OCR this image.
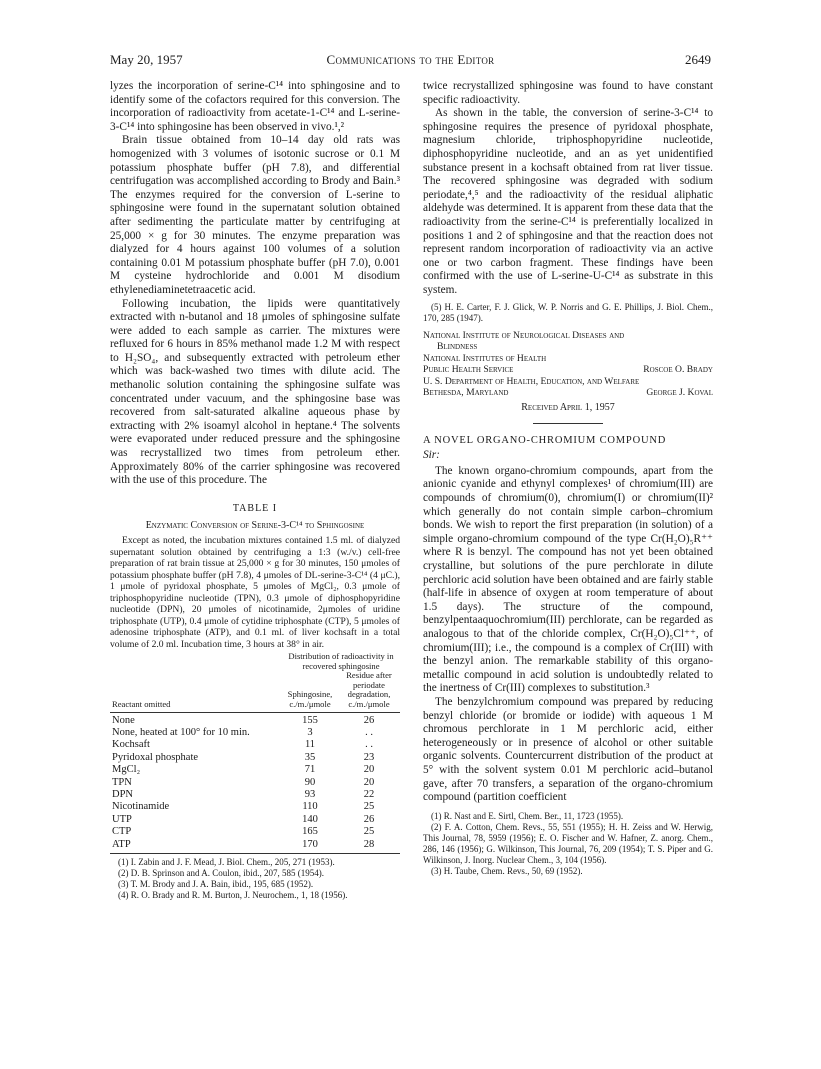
May 20, 1957	Communications to the Editor	2649

lyzes the incorporation of serine-C¹⁴ into sphingosine and to identify some of the cofactors required for this conversion. The incorporation of radioactivity from acetate-1-C¹⁴ and L-serine-3-C¹⁴ into sphingosine has been observed in vivo.¹,²

Brain tissue obtained from 10–14 day old rats was homogenized with 3 volumes of isotonic sucrose or 0.1 M potassium phosphate buffer (pH 7.8), and differential centrifugation was accomplished according to Brody and Bain.³ The enzymes required for the conversion of L-serine to sphingosine were found in the supernatant solution obtained after sedimenting the particulate matter by centrifuging at 25,000 × g for 30 minutes. The enzyme preparation was dialyzed for 4 hours against 100 volumes of a solution containing 0.01 M potassium phosphate buffer (pH 7.0), 0.001 M cysteine hydrochloride and 0.001 M disodium ethylenediaminetetraacetic acid.

Following incubation, the lipids were quantitatively extracted with n-butanol and 18 μmoles of sphingosine sulfate were added to each sample as carrier. The mixtures were refluxed for 6 hours in 85% methanol made 1.2 M with respect to H₂SO₄, and subsequently extracted with petroleum ether which was back-washed two times with dilute acid. The methanolic solution containing the sphingosine sulfate was concentrated under vacuum, and the sphingosine base was recovered from salt-saturated alkaline aqueous phase by extracting with 2% isoamyl alcohol in heptane.⁴ The solvents were evaporated under reduced pressure and the sphingosine was recrystallized two times from petroleum ether. Approximately 80% of the carrier sphingosine was recovered with the use of this procedure. The

TABLE I
Enzymatic Conversion of Serine-3-C¹⁴ to Sphingosine
Except as noted, the incubation mixtures contained 1.5 ml. of dialyzed supernatant solution obtained by centrifuging a 1:3 (w./v.) cell-free preparation of rat brain tissue at 25,000 × g for 30 minutes, 150 μmoles of potassium phosphate buffer (pH 7.8), 4 μmoles of DL-serine-3-C¹⁴ (4 μC.), 1 μmole of pyridoxal phosphate, 5 μmoles of MgCl₂, 0.3 μmole of triphosphopyridine nucleotide (TPN), 0.3 μmole of diphosphopyridine nucleotide (DPN), 20 μmoles of nicotinamide, 2μmoles of uridine triphosphate (UTP), 0.4 μmole of cytidine triphosphate (CTP), 5 μmoles of adenosine triphosphate (ATP), and 0.1 ml. of liver kochsaft in a total volume of 2.0 ml. Incubation time, 3 hours at 38° in air.
	Distribution of radioactivity in recovered sphingosine	
Reactant omitted	Sphingosine, c./m./μmole	Residue after periodate degradation, c./m./μmole
None	155	26
None, heated at 100° for 10 min.	3	. .
Kochsaft	11	. .
Pyridoxal phosphate	35	23
MgCl₂	71	20
TPN	90	20
DPN	93	22
Nicotinamide	110	25
UTP	140	26
CTP	165	25
ATP	170	28
(1) I. Zabin and J. F. Mead, J. Biol. Chem., 205, 271 (1953).
(2) D. B. Sprinson and A. Coulon, ibid., 207, 585 (1954).
(3) T. M. Brody and J. A. Bain, ibid., 195, 685 (1952).
(4) R. O. Brady and R. M. Burton, J. Neurochem., 1, 18 (1956).

twice recrystallized sphingosine was found to have constant specific radioactivity.

As shown in the table, the conversion of serine-3-C¹⁴ to sphingosine requires the presence of pyridoxal phosphate, magnesium chloride, triphosphopyridine nucleotide, diphosphopyridine nucleotide, and an as yet unidentified substance present in a kochsaft obtained from rat liver tissue. The recovered sphingosine was degraded with sodium periodate,⁴,⁵ and the radioactivity of the residual aliphatic aldehyde was determined. It is apparent from these data that the radioactivity from the serine-C¹⁴ is preferentially localized in positions 1 and 2 of sphingosine and that the reaction does not represent random incorporation of radioactivity via an active one or two carbon fragment. These findings have been confirmed with the use of L-serine-U-C¹⁴ as substrate in this system.

(5) H. E. Carter, F. J. Glick, W. P. Norris and G. E. Phillips, J. Biol. Chem., 170, 285 (1947).
National Institute of Neurological Diseases and
Blindness
National Institutes of Health
Public Health Service	Roscoe O. Brady
U. S. Department of Health, Education, and Welfare
Bethesda, Maryland	George J. Koval
Received April 1, 1957
A NOVEL ORGANO-CHROMIUM COMPOUND
Sir:

The known organo-chromium compounds, apart from the anionic cyanide and ethynyl complexes¹ of chromium(III) are compounds of chromium(0), chromium(I) or chromium(II)² which generally do not contain simple carbon–chromium bonds. We wish to report the first preparation (in solution) of a simple organo-chromium compound of the type Cr(H₂O)₅R⁺⁺ where R is benzyl. The compound has not yet been obtained crystalline, but solutions of the pure perchlorate in dilute perchloric acid solution have been obtained and are fairly stable (half-life in absence of oxygen at room temperature of about 1.5 days). The structure of the compound, benzylpentaaquochromium(III) perchlorate, can be regarded as analogous to that of the chloride complex, Cr(H₂O)₅Cl⁺⁺, of chromium(III); i.e., the compound is a complex of Cr(III) with the benzyl anion. The remarkable stability of this organo-metallic compound in acid solution is undoubtedly related to the inertness of Cr(III) complexes to substitution.³

The benzylchromium compound was prepared by reducing benzyl chloride (or bromide or iodide) with aqueous 1 M chromous perchlorate in 1 M perchloric acid, either heterogeneously or in presence of alcohol or other suitable organic solvents. Countercurrent distribution of the product at 5° with the solvent system 0.01 M perchloric acid–butanol gave, after 70 transfers, a separation of the organo-chromium compound (partition coefficient

(1) R. Nast and E. Sirtl, Chem. Ber., 11, 1723 (1955).
(2) F. A. Cotton, Chem. Revs., 55, 551 (1955); H. H. Zeiss and W. Herwig, This Journal, 78, 5959 (1956); E. O. Fischer and W. Hafner, Z. anorg. Chem., 286, 146 (1956); G. Wilkinson, This Journal, 76, 209 (1954); T. S. Piper and G. Wilkinson, J. Inorg. Nuclear Chem., 3, 104 (1956).
(3) H. Taube, Chem. Revs., 50, 69 (1952).
